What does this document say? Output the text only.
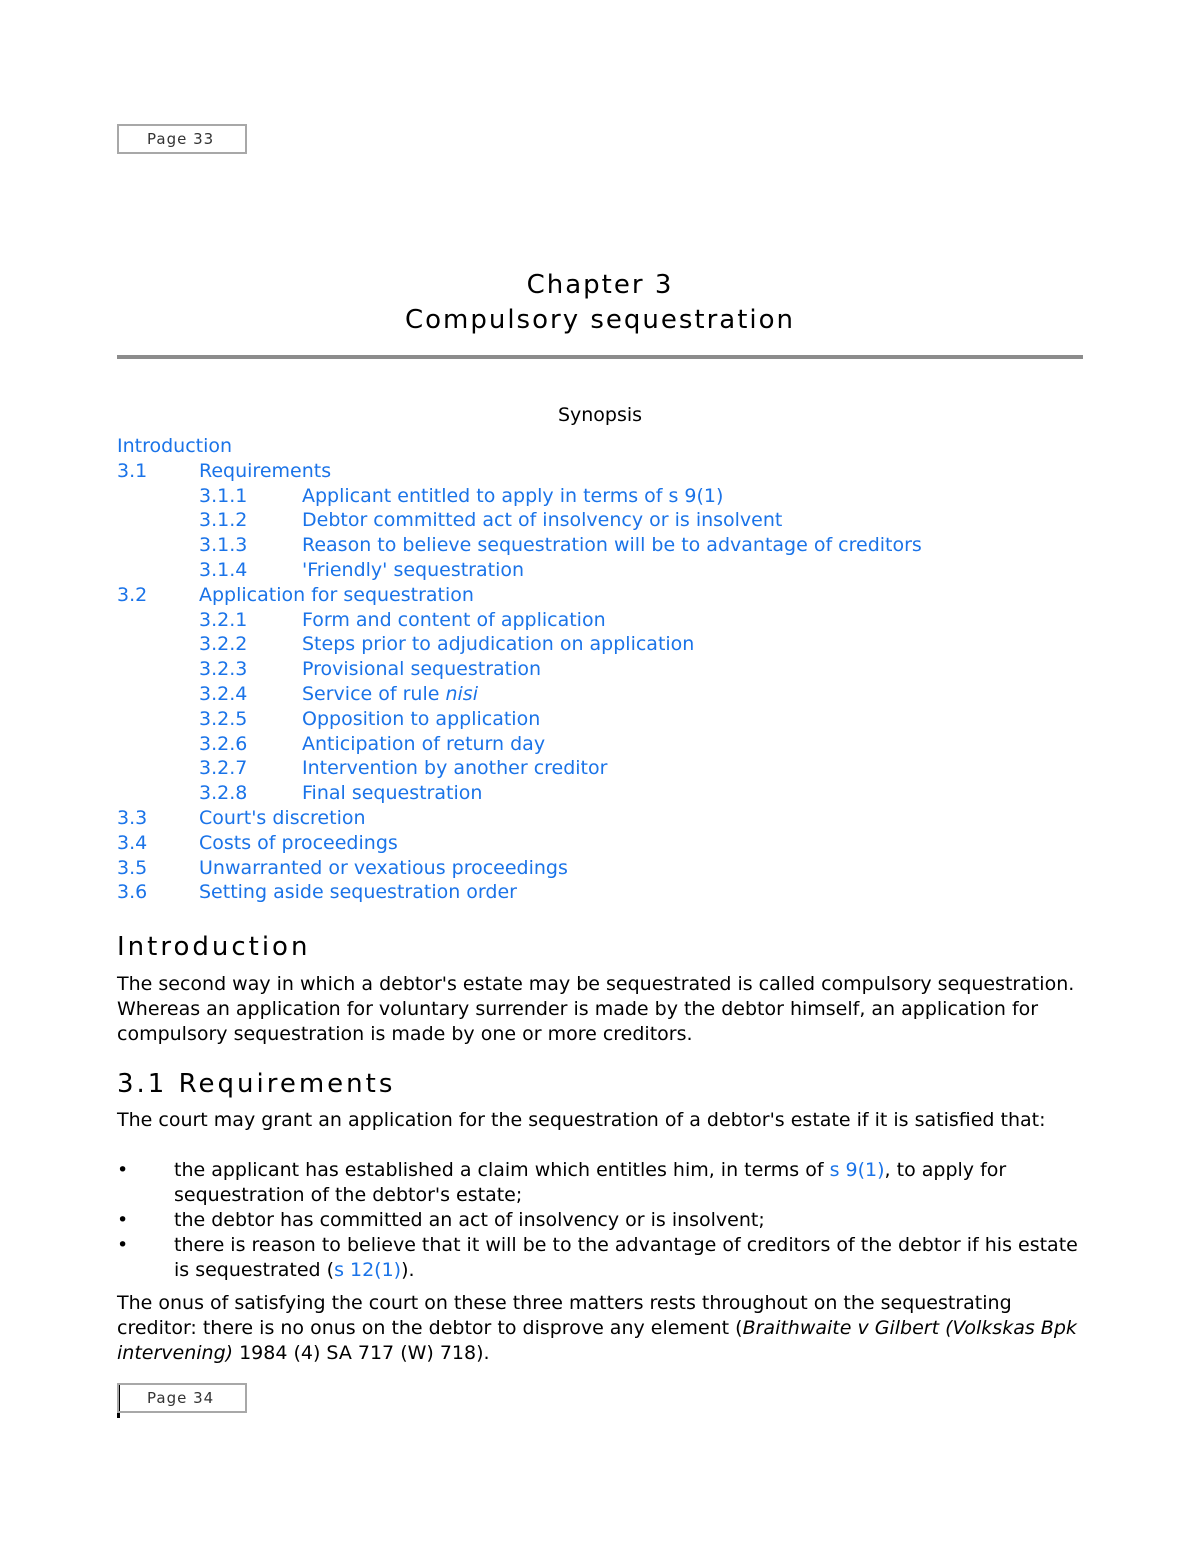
Page 33
Chapter 3
Compulsory sequestration
Synopsis
Introduction
3.1	Requirements
3.1.1	Applicant entitled to apply in terms of s 9(1)
3.1.2	Debtor committed act of insolvency or is insolvent
3.1.3	Reason to believe sequestration will be to advantage of creditors
3.1.4	'Friendly' sequestration
3.2	Application for sequestration
3.2.1	Form and content of application
3.2.2	Steps prior to adjudication on application
3.2.3	Provisional sequestration
3.2.4	Service of rule nisi
3.2.5	Opposition to application
3.2.6	Anticipation of return day
3.2.7	Intervention by another creditor
3.2.8	Final sequestration
3.3	Court's discretion
3.4	Costs of proceedings
3.5	Unwarranted or vexatious proceedings
3.6	Setting aside sequestration order
Introduction

The second way in which a debtor's estate may be sequestrated is called compulsory sequestration. Whereas an application for voluntary surrender is made by the debtor himself, an application for compulsory sequestration is made by one or more creditors.

3.1 Requirements

The court may grant an application for the sequestration of a debtor's estate if it is satisfied that:

• the applicant has established a claim which entitles him, in terms of s 9(1), to apply for sequestration of the debtor's estate;
• the debtor has committed an act of insolvency or is insolvent;
• there is reason to believe that it will be to the advantage of creditors of the debtor if his estate is sequestrated (s 12(1)).

The onus of satisfying the court on these three matters rests throughout on the sequestrating creditor: there is no onus on the debtor to disprove any element (Braithwaite v Gilbert (Volkskas Bpk intervening) 1984 (4) SA 717 (W) 718).

Page 34
